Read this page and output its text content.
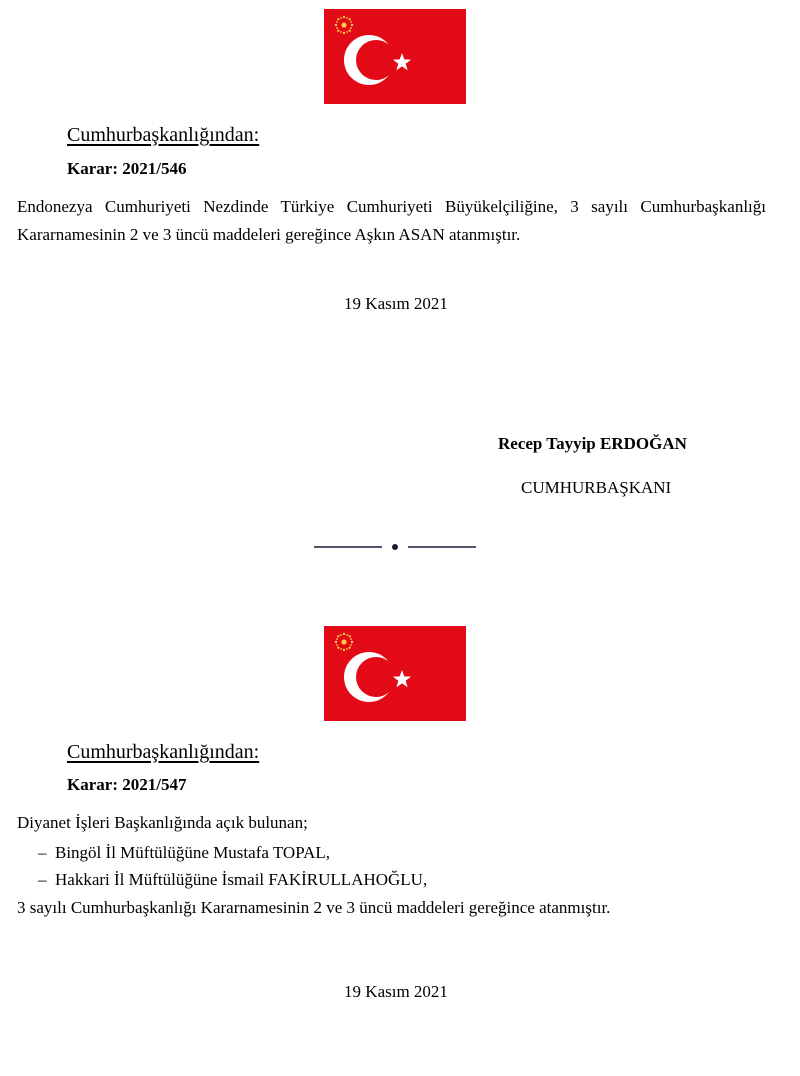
Cumhurbaşkanlığından:
Karar: 2021/546
Endonezya Cumhuriyeti Nezdinde Türkiye Cumhuriyeti Büyükelçiliğine, 3 sayılı Cumhurbaşkanlığı Kararnamesinin 2 ve 3 üncü maddeleri gereğince Aşkın ASAN atanmıştır.
19 Kasım 2021
Recep Tayyip ERDOĞAN
CUMHURBAŞKANI
Cumhurbaşkanlığından:
Karar: 2021/547
Diyanet İşleri Başkanlığında açık bulunan;
– Bingöl İl Müftülüğüne Mustafa TOPAL,
– Hakkari İl Müftülüğüne İsmail FAKİRULLAHOĞLU,
3 sayılı Cumhurbaşkanlığı Kararnamesinin 2 ve 3 üncü maddeleri gereğince atanmıştır.
19 Kasım 2021
